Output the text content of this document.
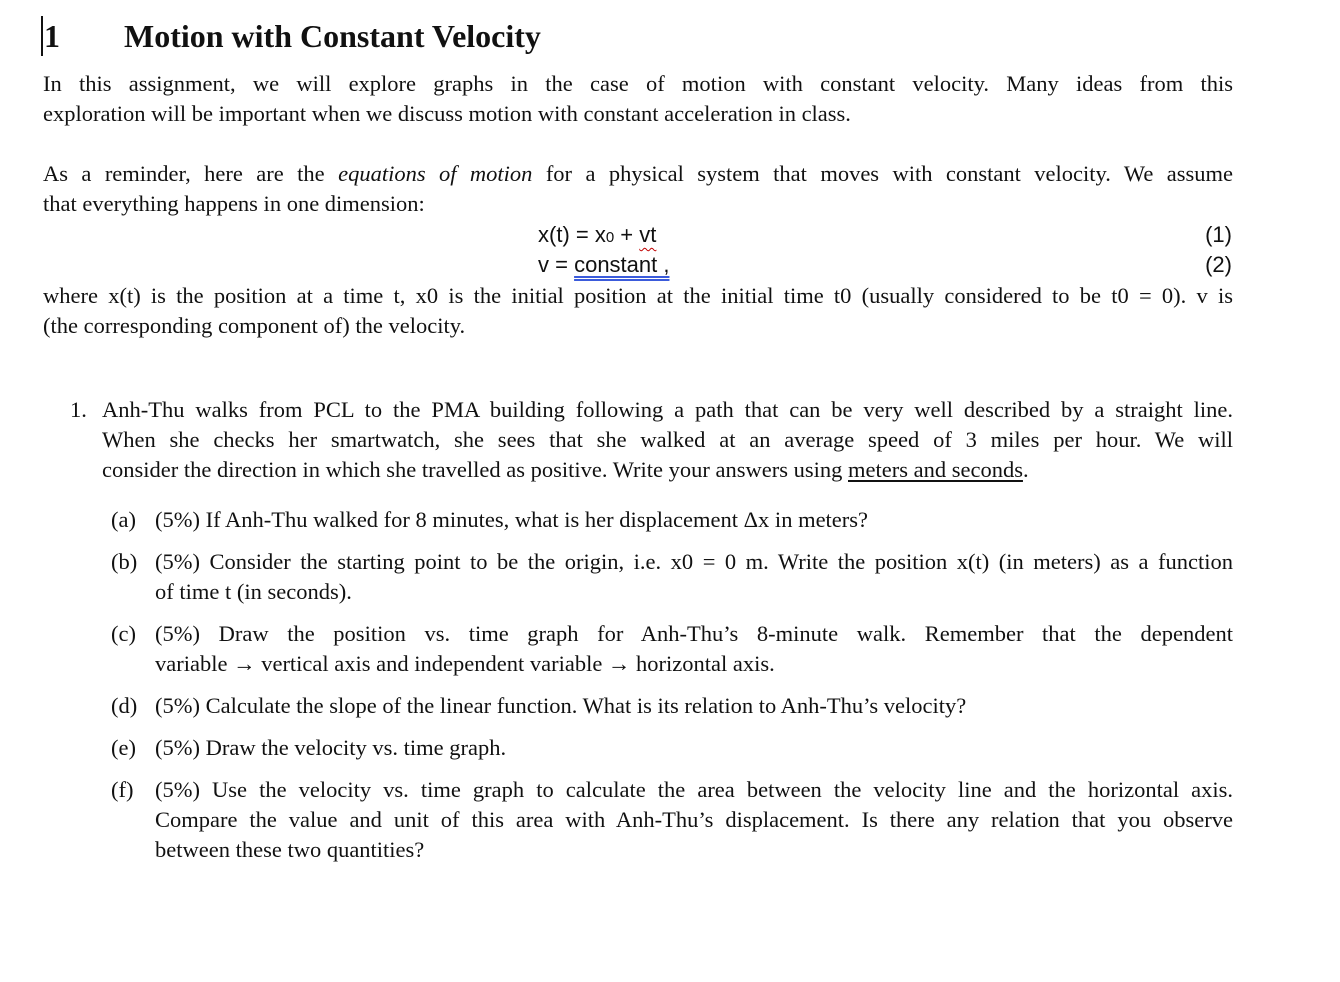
1 Motion with Constant Velocity
In this assignment, we will explore graphs in the case of motion with constant velocity. Many ideas from this
exploration will be important when we discuss motion with constant acceleration in class.
As a reminder, here are the equations of motion for a physical system that moves with constant velocity. We assume
that everything happens in one dimension:
x(t) = x0 + vt	(1)
v = constant ,	(2)
where x(t) is the position at a time t, x0 is the initial position at the initial time t0 (usually considered to be t0 = 0). v is
(the corresponding component of) the velocity.
1. Anh-Thu walks from PCL to the PMA building following a path that can be very well described by a straight line.
When she checks her smartwatch, she sees that she walked at an average speed of 3 miles per hour. We will
consider the direction in which she travelled as positive. Write your answers using meters and seconds.
(a) (5%) If Anh-Thu walked for 8 minutes, what is her displacement Δx in meters?
(b) (5%) Consider the starting point to be the origin, i.e. x0 = 0 m. Write the position x(t) (in meters) as a function
of time t (in seconds).
(c) (5%) Draw the position vs. time graph for Anh-Thu’s 8-minute walk. Remember that the dependent
variable → vertical axis and independent variable → horizontal axis.
(d) (5%) Calculate the slope of the linear function. What is its relation to Anh-Thu’s velocity?
(e) (5%) Draw the velocity vs. time graph.
(f) (5%) Use the velocity vs. time graph to calculate the area between the velocity line and the horizontal axis.
Compare the value and unit of this area with Anh-Thu’s displacement. Is there any relation that you observe
between these two quantities?
